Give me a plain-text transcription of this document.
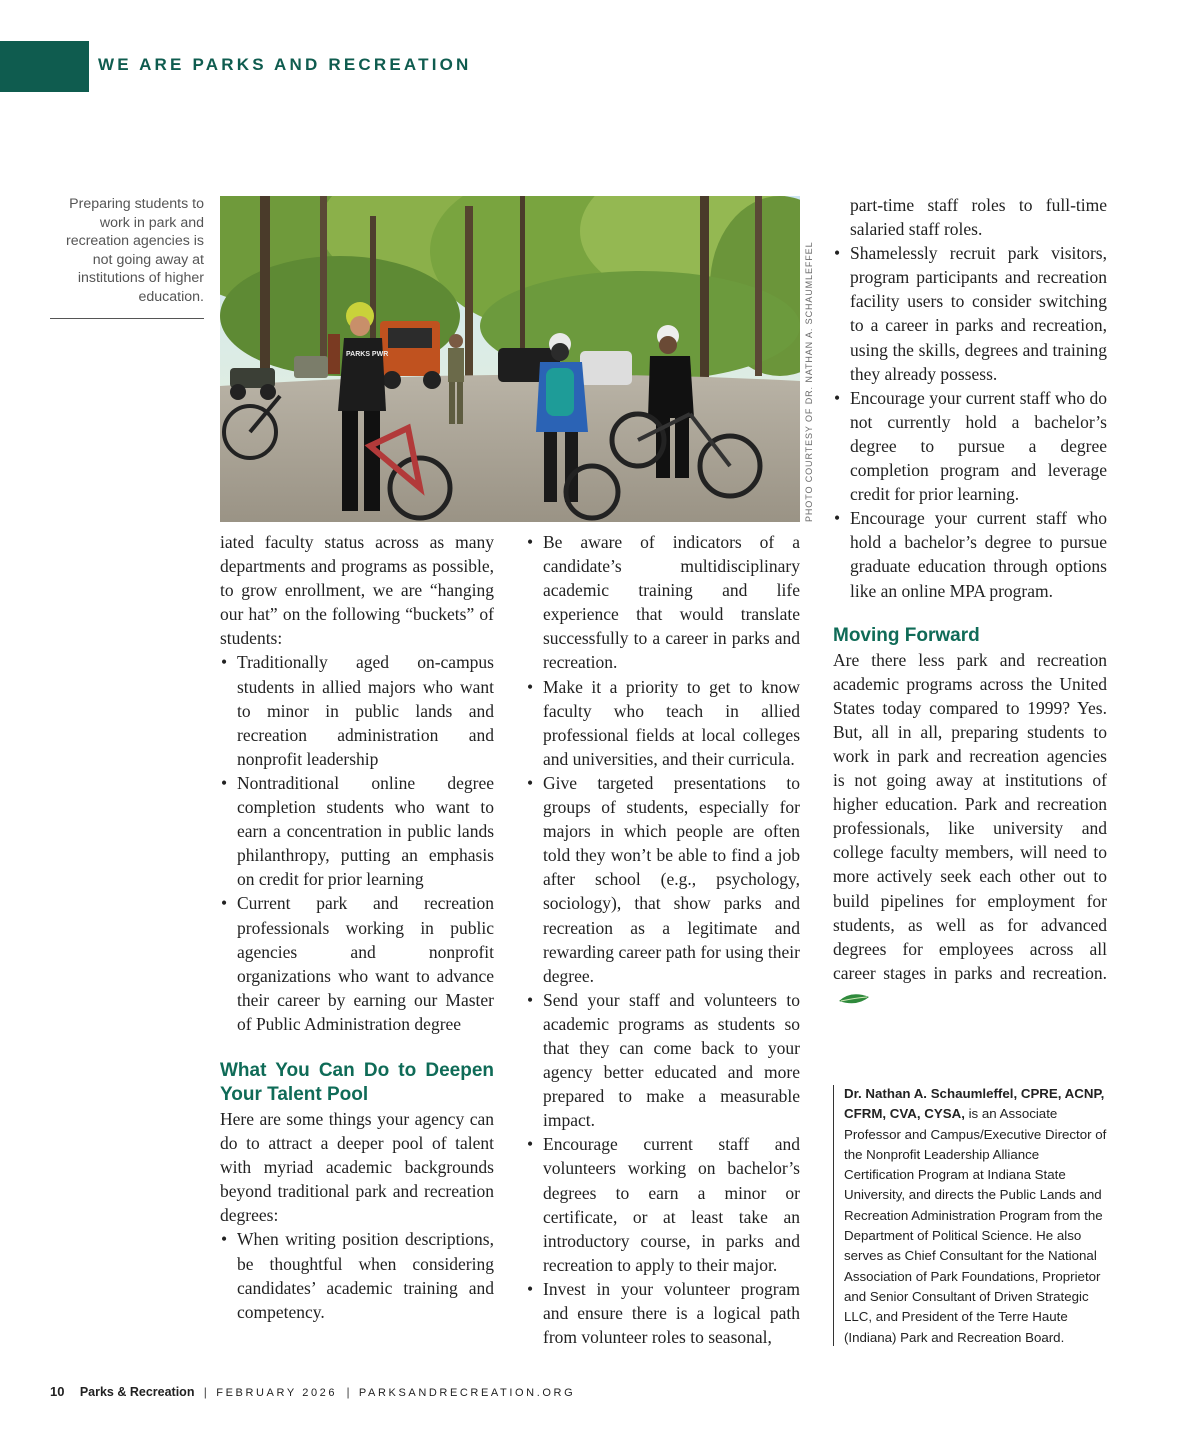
WE ARE PARKS AND RECREATION
Preparing students to work in park and recreation agencies is not going away at institutions of higher education.
PARKS PWR	PHOTO COURTESY OF DR. NATHAN A. SCHAUMLEFFEL

iated faculty status across as many departments and programs as possible, to grow enrollment, we are “hanging our hat” on the following “buckets” of students:

• Traditionally aged on-campus students in allied majors who want to minor in public lands and recreation administration and nonprofit leadership
• Nontraditional online degree completion students who want to earn a concentration in public lands philanthropy, putting an emphasis on credit for prior learning
• Current park and recreation professionals working in public agencies and nonprofit organizations who want to advance their career by earning our Master of Public Administration degree
What You Can Do to Deepen Your Talent Pool

Here are some things your agency can do to attract a deeper pool of talent with myriad academic backgrounds beyond traditional park and recreation degrees:

• When writing position descriptions, be thoughtful when considering candidates’ academic training and competency.
• Be aware of indicators of a candidate’s multidisciplinary academic training and life experience that would translate successfully to a career in parks and recreation.
• Make it a priority to get to know faculty who teach in allied professional fields at local colleges and universities, and their curricula.
• Give targeted presentations to groups of students, especially for majors in which people are often told they won’t be able to find a job after school (e.g., psychology, sociology), that show parks and recreation as a legitimate and rewarding career path for using their degree.
• Send your staff and volunteers to academic programs as students so that they can come back to your agency better educated and more prepared to make a measurable impact.
• Encourage current staff and volunteers working on bachelor’s degrees to earn a minor or certificate, or at least take an introductory course, in parks and recreation to apply to their major.
• Invest in your volunteer program and ensure there is a logical path from volunteer roles to seasonal,
part-time staff roles to full-time salaried staff roles.
• Shamelessly recruit park visitors, program participants and recreation facility users to consider switching to a career in parks and recreation, using the skills, degrees and training they already possess.
• Encourage your current staff who do not currently hold a bachelor’s degree to pursue a degree completion program and leverage credit for prior learning.
• Encourage your current staff who hold a bachelor’s degree to pursue graduate education through options like an online MPA program.
Moving Forward

Are there less park and recreation academic programs across the United States today compared to 1999? Yes. But, all in all, preparing students to work in park and recreation agencies is not going away at institutions of higher education. Park and recreation professionals, like university and college faculty members, will need to more actively seek each other out to build pipelines for employment for students, as well as for advanced degrees for employees across all career stages in parks and recreation.

Dr. Nathan A. Schaumleffel, CPRE, ACNP, CFRM, CVA, CYSA, is an Associate Professor and Campus/Executive Director of the Nonprofit Leadership Alliance Certification Program at Indiana State University, and directs the Public Lands and Recreation Administration Program from the Department of Political Science. He also serves as Chief Consultant for the National Association of Park Foundations, Proprietor and Senior Consultant of Driven Strategic LLC, and President of the Terre Haute (Indiana) Park and Recreation Board.
10 Parks & Recreation | FEBRUARY 2026 | PARKSANDRECREATION.ORG
